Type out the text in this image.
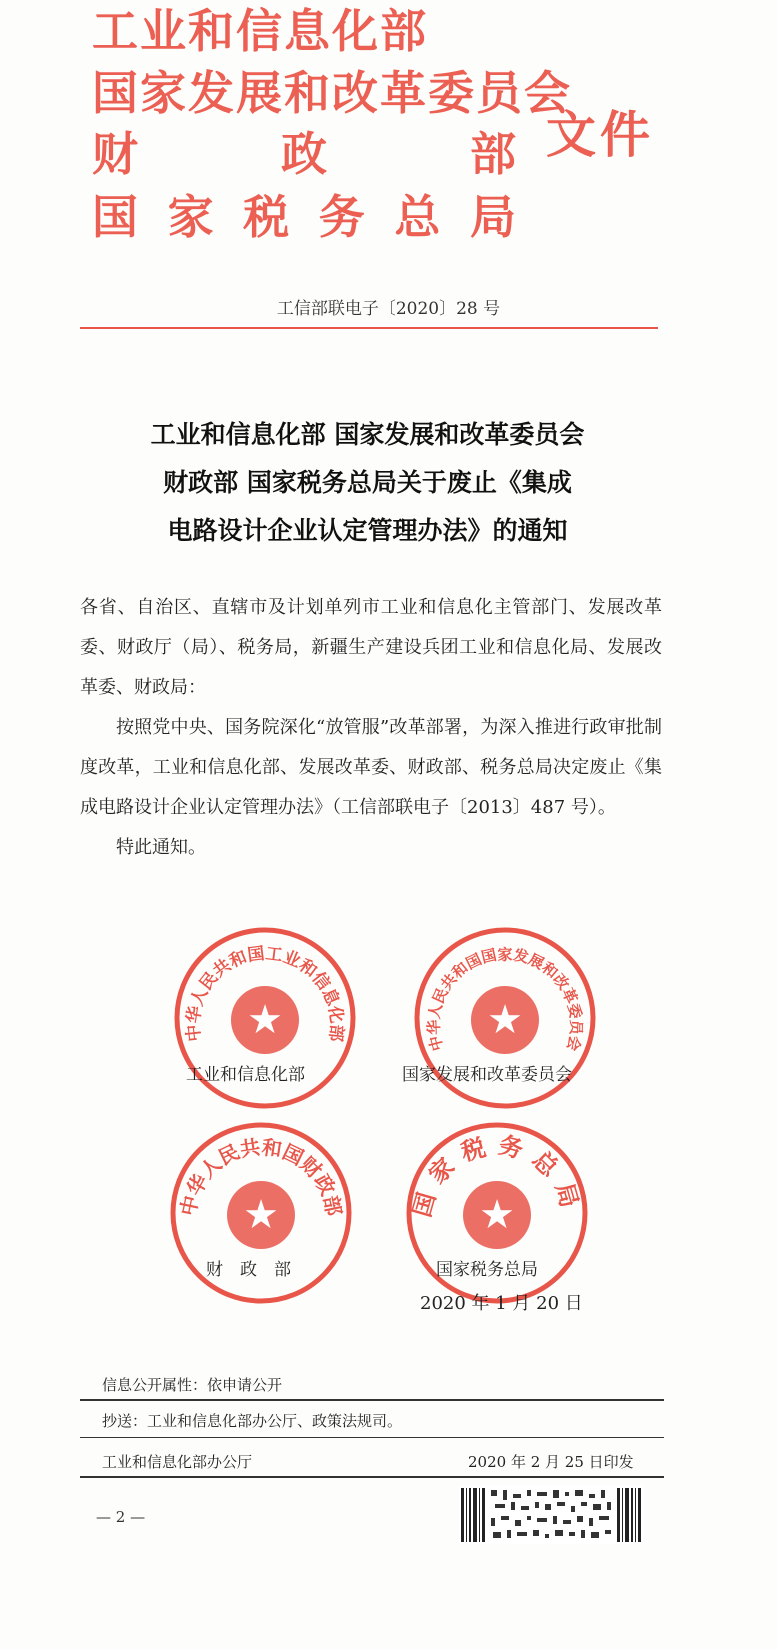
工业和信息化部
国家发展和改革委员会
财	政	部
国 家 税 务 总 局
文件
工信部联电子〔2020〕28 号
工业和信息化部 国家发展和改革委员会
财政部 国家税务总局关于废止《集成
电路设计企业认定管理办法》的通知

各省、自治区、直辖市及计划单列市工业和信息化主管部门、发展改革委、财政厅（局）、税务局，新疆生产建设兵团工业和信息化局、发展改革委、财政局：

按照党中央、国务院深化“放管服”改革部署，为深入推进行政审批制度改革，工业和信息化部、发展改革委、财政部、税务总局决定废止《集成电路设计企业认定管理办法》（工信部联电子〔2013〕487 号）。

特此通知。

中华人民共和国工业和信息化部
★
工业和信息化部
中华人民共和国国家发展和改革委员会
★
国家发展和改革委员会
中华人民共和国财政部
★
财　政　部
国家税务总局
★
国家税务总局
2020 年 1 月 20 日
信息公开属性：依申请公开
抄送：工业和信息化部办公厅、政策法规司。
工业和信息化部办公厅	2020 年 2 月 25 日印发
— 2 —
